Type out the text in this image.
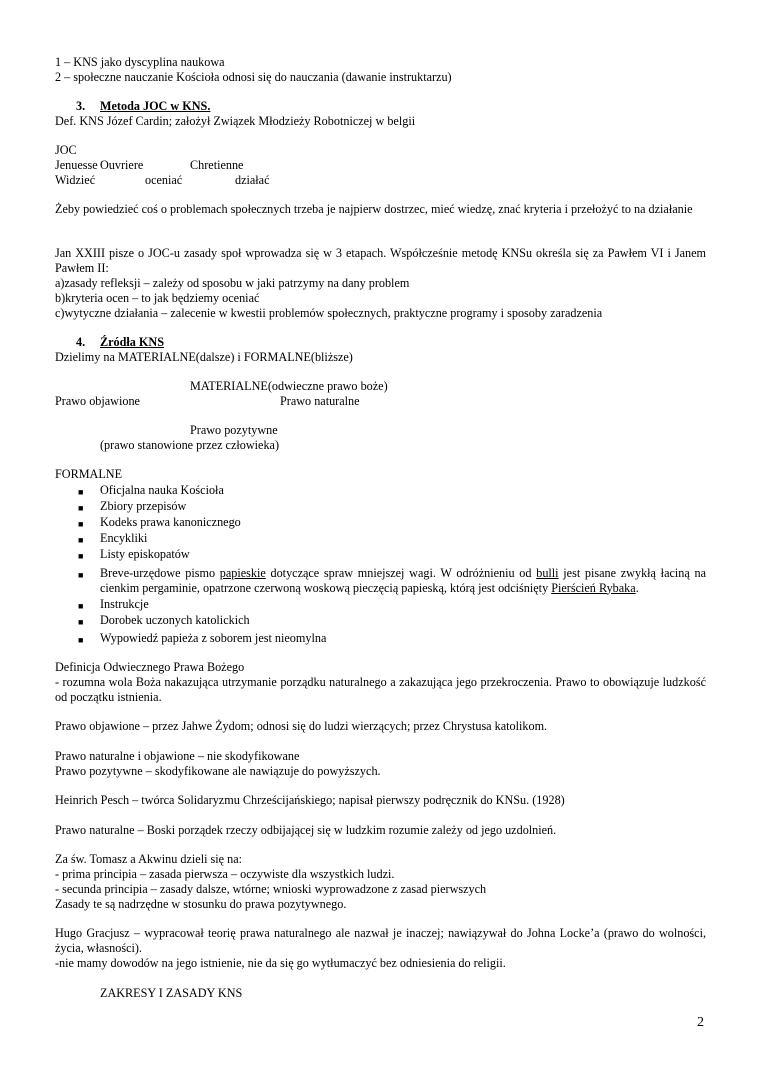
1 – KNS jako dyscyplina naukowa
2 – społeczne nauczanie Kościoła odnosi się do nauczania (dawanie instruktarzu)
3. Metoda JOC w KNS.
Def. KNS Józef Cardin; założył Związek Młodzieży Robotniczej w belgii
JOC
Jenuesse Ouvriere	Chretienne
Widzieć	oceniać	działać
Żeby powiedzieć coś o problemach społecznych trzeba je najpierw dostrzec, mieć wiedzę, znać kryteria i przełożyć to na działanie
Jan XXIII pisze o JOC-u zasady społ wprowadza się w 3 etapach. Współcześnie metodę KNSu określa się za Pawłem VI i Janem Pawłem II:
a)zasady refleksji – zależy od sposobu w jaki patrzymy na dany problem
b)kryteria ocen – to jak będziemy oceniać
c)wytyczne działania – zalecenie w kwestii problemów społecznych, praktyczne programy i sposoby zaradzenia
4. Źródła KNS
Dzielimy na MATERIALNE(dalsze) i FORMALNE(bliższe)
MATERIALNE(odwieczne prawo boże)
Prawo objawione	Prawo naturalne
Prawo pozytywne
(prawo stanowione przez człowieka)
FORMALNE
■ Oficjalna nauka Kościoła
■ Zbiory przepisów
■ Kodeks prawa kanonicznego
■ Encykliki
■ Listy episkopatów
■ Breve-urzędowe pismo papieskie dotyczące spraw mniejszej wagi. W odróżnieniu od bulli jest pisane zwykłą łaciną na cienkim pergaminie, opatrzone czerwoną woskową pieczęcią papieską, którą jest odciśnięty Pierścień Rybaka.
■ Instrukcje
■ Dorobek uczonych katolickich
■ Wypowiedź papieża z soborem jest nieomylna
Definicja Odwiecznego Prawa Bożego
- rozumna wola Boża nakazująca utrzymanie porządku naturalnego a zakazująca jego przekroczenia. Prawo to obowiązuje ludzkość od początku istnienia.
Prawo objawione – przez Jahwe Żydom; odnosi się do ludzi wierzących; przez Chrystusa katolikom.
Prawo naturalne i objawione – nie skodyfikowane
Prawo pozytywne – skodyfikowane ale nawiązuje do powyższych.
Heinrich Pesch – twórca Solidaryzmu Chrześcijańskiego; napisał pierwszy podręcznik do KNSu. (1928)
Prawo naturalne – Boski porządek rzeczy odbijającej się w ludzkim rozumie zależy od jego uzdolnień.
Za św. Tomasz a Akwinu dzieli się na:
- prima principia – zasada pierwsza – oczywiste dla wszystkich ludzi.
- secunda principia – zasady dalsze, wtórne; wnioski wyprowadzone z zasad pierwszych
Zasady te są nadrzędne w stosunku do prawa pozytywnego.
Hugo Gracjusz – wypracował teorię prawa naturalnego ale nazwał je inaczej; nawiązywał do Johna Locke’a (prawo do wolności, życia, własności).
-nie mamy dowodów na jego istnienie, nie da się go wytłumaczyć bez odniesienia do religii.
ZAKRESY I ZASADY KNS
2
